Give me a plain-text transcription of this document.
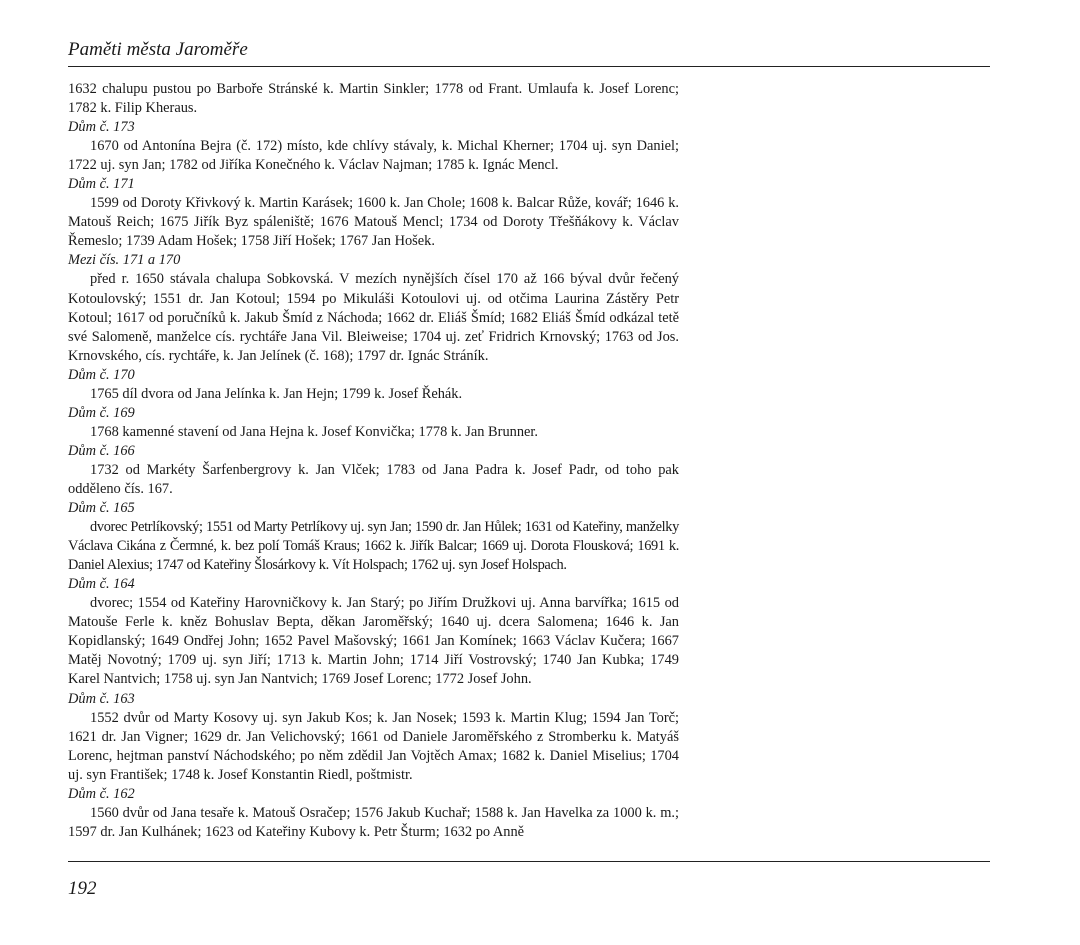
Paměti města Jaroměře
1632 chalupu pustou po Barboře Stránské k. Martin Sinkler; 1778 od Frant. Umlaufa k. Josef Lorenc; 1782 k. Filip Kheraus.
Dům č. 173
1670 od Antonína Bejra (č. 172) místo, kde chlívy stávaly, k. Michal Kherner; 1704 uj. syn Daniel; 1722 uj. syn Jan; 1782 od Jiříka Konečného k. Václav Najman; 1785 k. Ignác Mencl.
Dům č. 171
1599 od Doroty Křivkový k. Martin Karásek; 1600 k. Jan Chole; 1608 k. Balcar Růže, kovář; 1646 k. Matouš Reich; 1675 Jiřík Byz spáleniště; 1676 Matouš Mencl; 1734 od Doroty Třešňákovy k. Václav Řemeslo; 1739 Adam Hošek; 1758 Jiří Hošek; 1767 Jan Hošek.
Mezi čís. 171 a 170
před r. 1650 stávala chalupa Sobkovská. V mezích nynějších čísel 170 až 166 býval dvůr řečený Kotoulovský; 1551 dr. Jan Kotoul; 1594 po Mikuláši Kotoulovi uj. od otčima Laurina Zástěry Petr Kotoul; 1617 od poručníků k. Jakub Šmíd z Náchoda; 1662 dr. Eliáš Šmíd; 1682 Eliáš Šmíd odkázal tetě své Salomeně, manželce cís. rychtáře Jana Vil. Bleiweise; 1704 uj. zeť Fridrich Krnovský; 1763 od Jos. Krnovského, cís. rychtáře, k. Jan Jelínek (č. 168); 1797 dr. Ignác Stráník.
Dům č. 170
1765 díl dvora od Jana Jelínka k. Jan Hejn; 1799 k. Josef Řehák.
Dům č. 169
1768 kamenné stavení od Jana Hejna k. Josef Konvička; 1778 k. Jan Brunner.
Dům č. 166
1732 od Markéty Šarfenbergrovy k. Jan Vlček; 1783 od Jana Padra k. Josef Padr, od toho pak odděleno čís. 167.
Dům č. 165
dvorec Petrlíkovský; 1551 od Marty Petrlíkovy uj. syn Jan; 1590 dr. Jan Hůlek; 1631 od Kateřiny, manželky Václava Cikána z Čermné, k. bez polí Tomáš Kraus; 1662 k. Jiřík Balcar; 1669 uj. Dorota Flousková; 1691 k. Daniel Alexius; 1747 od Kateřiny Šlosárkovy k. Vít Holspach; 1762 uj. syn Josef Holspach.
Dům č. 164
dvorec; 1554 od Kateřiny Harovničkovy k. Jan Starý; po Jiřím Družkovi uj. Anna barvířka; 1615 od Matouše Ferle k. kněz Bohuslav Bepta, děkan Jaroměřský; 1640 uj. dcera Salomena; 1646 k. Jan Kopidlanský; 1649 Ondřej John; 1652 Pavel Mašovský; 1661 Jan Komínek; 1663 Václav Kučera; 1667 Matěj Novotný; 1709 uj. syn Jiří; 1713 k. Martin John; 1714 Jiří Vostrovský; 1740 Jan Kubka; 1749 Karel Nantvich; 1758 uj. syn Jan Nantvich; 1769 Josef Lorenc; 1772 Josef John.
Dům č. 163
1552 dvůr od Marty Kosovy uj. syn Jakub Kos; k. Jan Nosek; 1593 k. Martin Klug; 1594 Jan Torč; 1621 dr. Jan Vigner; 1629 dr. Jan Velichovský; 1661 od Daniele Jaroměřského z Stromberku k. Matyáš Lorenc, hejtman panství Náchodského; po něm zdědil Jan Vojtěch Amax; 1682 k. Daniel Miselius; 1704 uj. syn František; 1748 k. Josef Konstantin Riedl, poštmistr.
Dům č. 162
1560 dvůr od Jana tesaře k. Matouš Osračep; 1576 Jakub Kuchař; 1588 k. Jan Havelka za 1000 k. m.; 1597 dr. Jan Kulhánek; 1623 od Kateřiny Kubovy k. Petr Šturm; 1632 po Anně
192
